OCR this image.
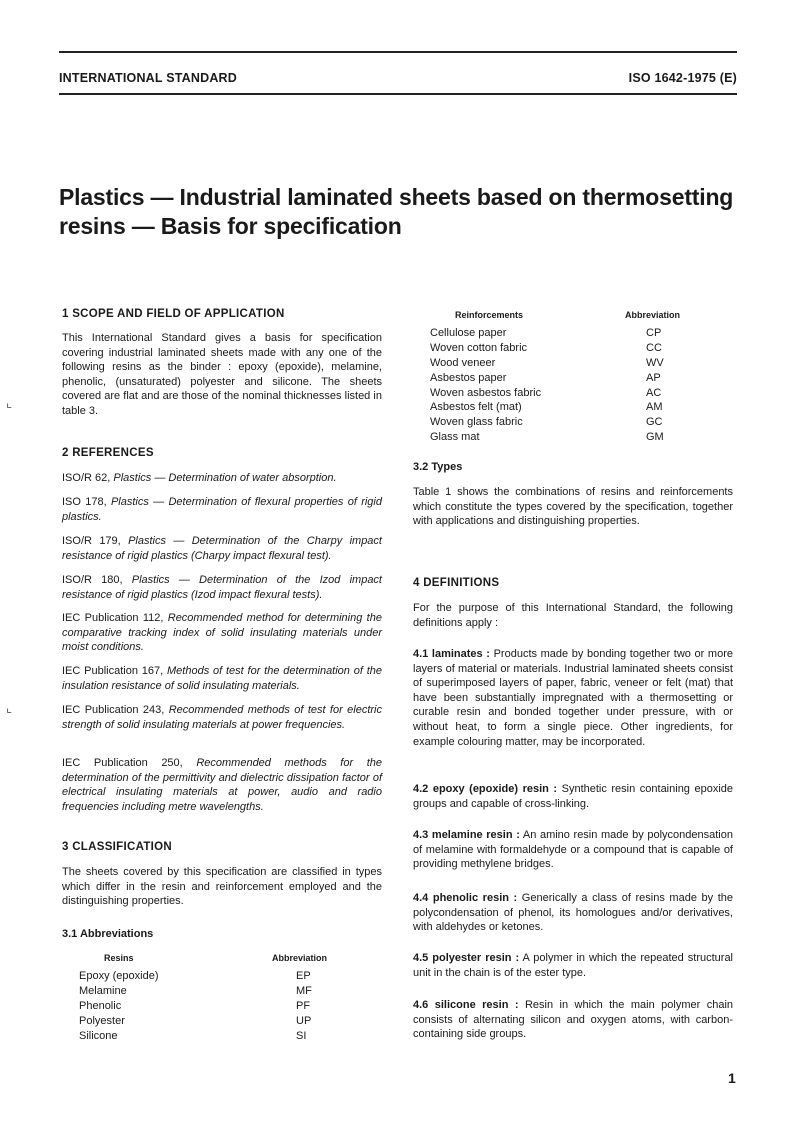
⌞
⌞
INTERNATIONAL STANDARD	ISO 1642-1975 (E)
Plastics — Industrial laminated sheets based on thermosetting
resins — Basis for specification
1 SCOPE AND FIELD OF APPLICATION
This International Standard gives a basis for specification covering industrial laminated sheets made with any one of the following resins as the binder : epoxy (epoxide), melamine, phenolic, (unsaturated) polyester and silicone. The sheets covered are flat and are those of the nominal thicknesses listed in table 3.
2 REFERENCES
ISO/R 62, Plastics — Determination of water absorption.
ISO 178, Plastics — Determination of flexural properties of rigid plastics.
ISO/R 179, Plastics — Determination of the Charpy impact resistance of rigid plastics (Charpy impact flexural test).
ISO/R 180, Plastics — Determination of the Izod impact resistance of rigid plastics (Izod impact flexural tests).
IEC Publication 112, Recommended method for determining the comparative tracking index of solid insulating materials under moist conditions.
IEC Publication 167, Methods of test for the determination of the insulation resistance of solid insulating materials.
IEC Publication 243, Recommended methods of test for electric strength of solid insulating materials at power frequencies.
IEC Publication 250, Recommended methods for the determination of the permittivity and dielectric dissipation factor of electrical insulating materials at power, audio and radio frequencies including metre wavelengths.
3 CLASSIFICATION
The sheets covered by this specification are classified in types which differ in the resin and reinforcement employed and the distinguishing properties.
3.1 Abbreviations
Resins	Abbreviation
Epoxy (epoxide)	EP
Melamine	MF
Phenolic	PF
Polyester	UP
Silicone	SI
Reinforcements	Abbreviation
Cellulose paper	CP
Woven cotton fabric	CC
Wood veneer	WV
Asbestos paper	AP
Woven asbestos fabric	AC
Asbestos felt (mat)	AM
Woven glass fabric	GC
Glass mat	GM
3.2 Types
Table 1 shows the combinations of resins and reinforcements which constitute the types covered by the specification, together with applications and distinguishing properties.
4 DEFINITIONS
For the purpose of this International Standard, the following definitions apply :
4.1 laminates : Products made by bonding together two or more layers of material or materials. Industrial laminated sheets consist of superimposed layers of paper, fabric, veneer or felt (mat) that have been substantially impregnated with a thermosetting or curable resin and bonded together under pressure, with or without heat, to form a single piece. Other ingredients, for example colouring matter, may be incorporated.
4.2 epoxy (epoxide) resin : Synthetic resin containing epoxide groups and capable of cross-linking.
4.3 melamine resin : An amino resin made by polycondensation of melamine with formaldehyde or a compound that is capable of providing methylene bridges.
4.4 phenolic resin : Generically a class of resins made by the polycondensation of phenol, its homologues and/or derivatives, with aldehydes or ketones.
4.5 polyester resin : A polymer in which the repeated structural unit in the chain is of the ester type.
4.6 silicone resin : Resin in which the main polymer chain consists of alternating silicon and oxygen atoms, with carbon-containing side groups.
1
